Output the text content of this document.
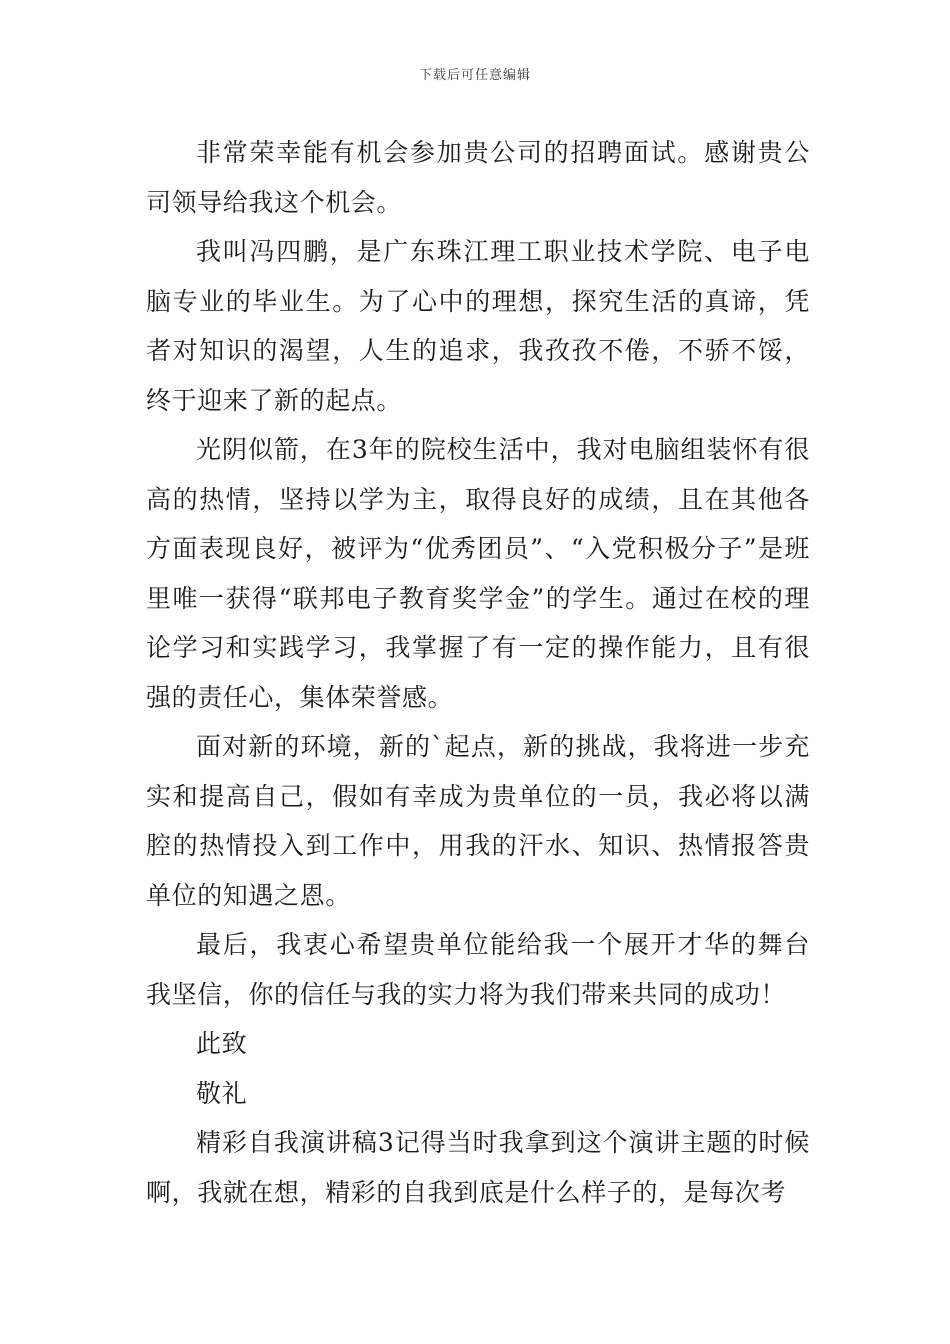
下载后可任意编辑

非常荣幸能有机会参加贵公司的招聘面试。感谢贵公司领导给我这个机会。

我叫冯四鹏，是广东珠江理工职业技术学院、电子电脑专业的毕业生。为了心中的理想，探究生活的真谛，凭者对知识的渴望，人生的追求，我孜孜不倦，不骄不馁，终于迎来了新的起点。

光阴似箭，在3年的院校生活中，我对电脑组装怀有很高的热情，坚持以学为主，取得良好的成绩，且在其他各方面表现良好，被评为“优秀团员”、“入党积极分子”是班里唯一获得“联邦电子教育奖学金”的学生。通过在校的理论学习和实践学习，我掌握了有一定的操作能力，且有很强的责任心，集体荣誉感。

面对新的环境，新的`起点，新的挑战，我将进一步充实和提高自己，假如有幸成为贵单位的一员，我必将以满腔的热情投入到工作中，用我的汗水、知识、热情报答贵单位的知遇之恩。

最后，我衷心希望贵单位能给我一个展开才华的舞台我坚信，你的信任与我的实力将为我们带来共同的成功！

此致

敬礼

精彩自我演讲稿3记得当时我拿到这个演讲主题的时候啊，我就在想，精彩的自我到底是什么样子的，是每次考
